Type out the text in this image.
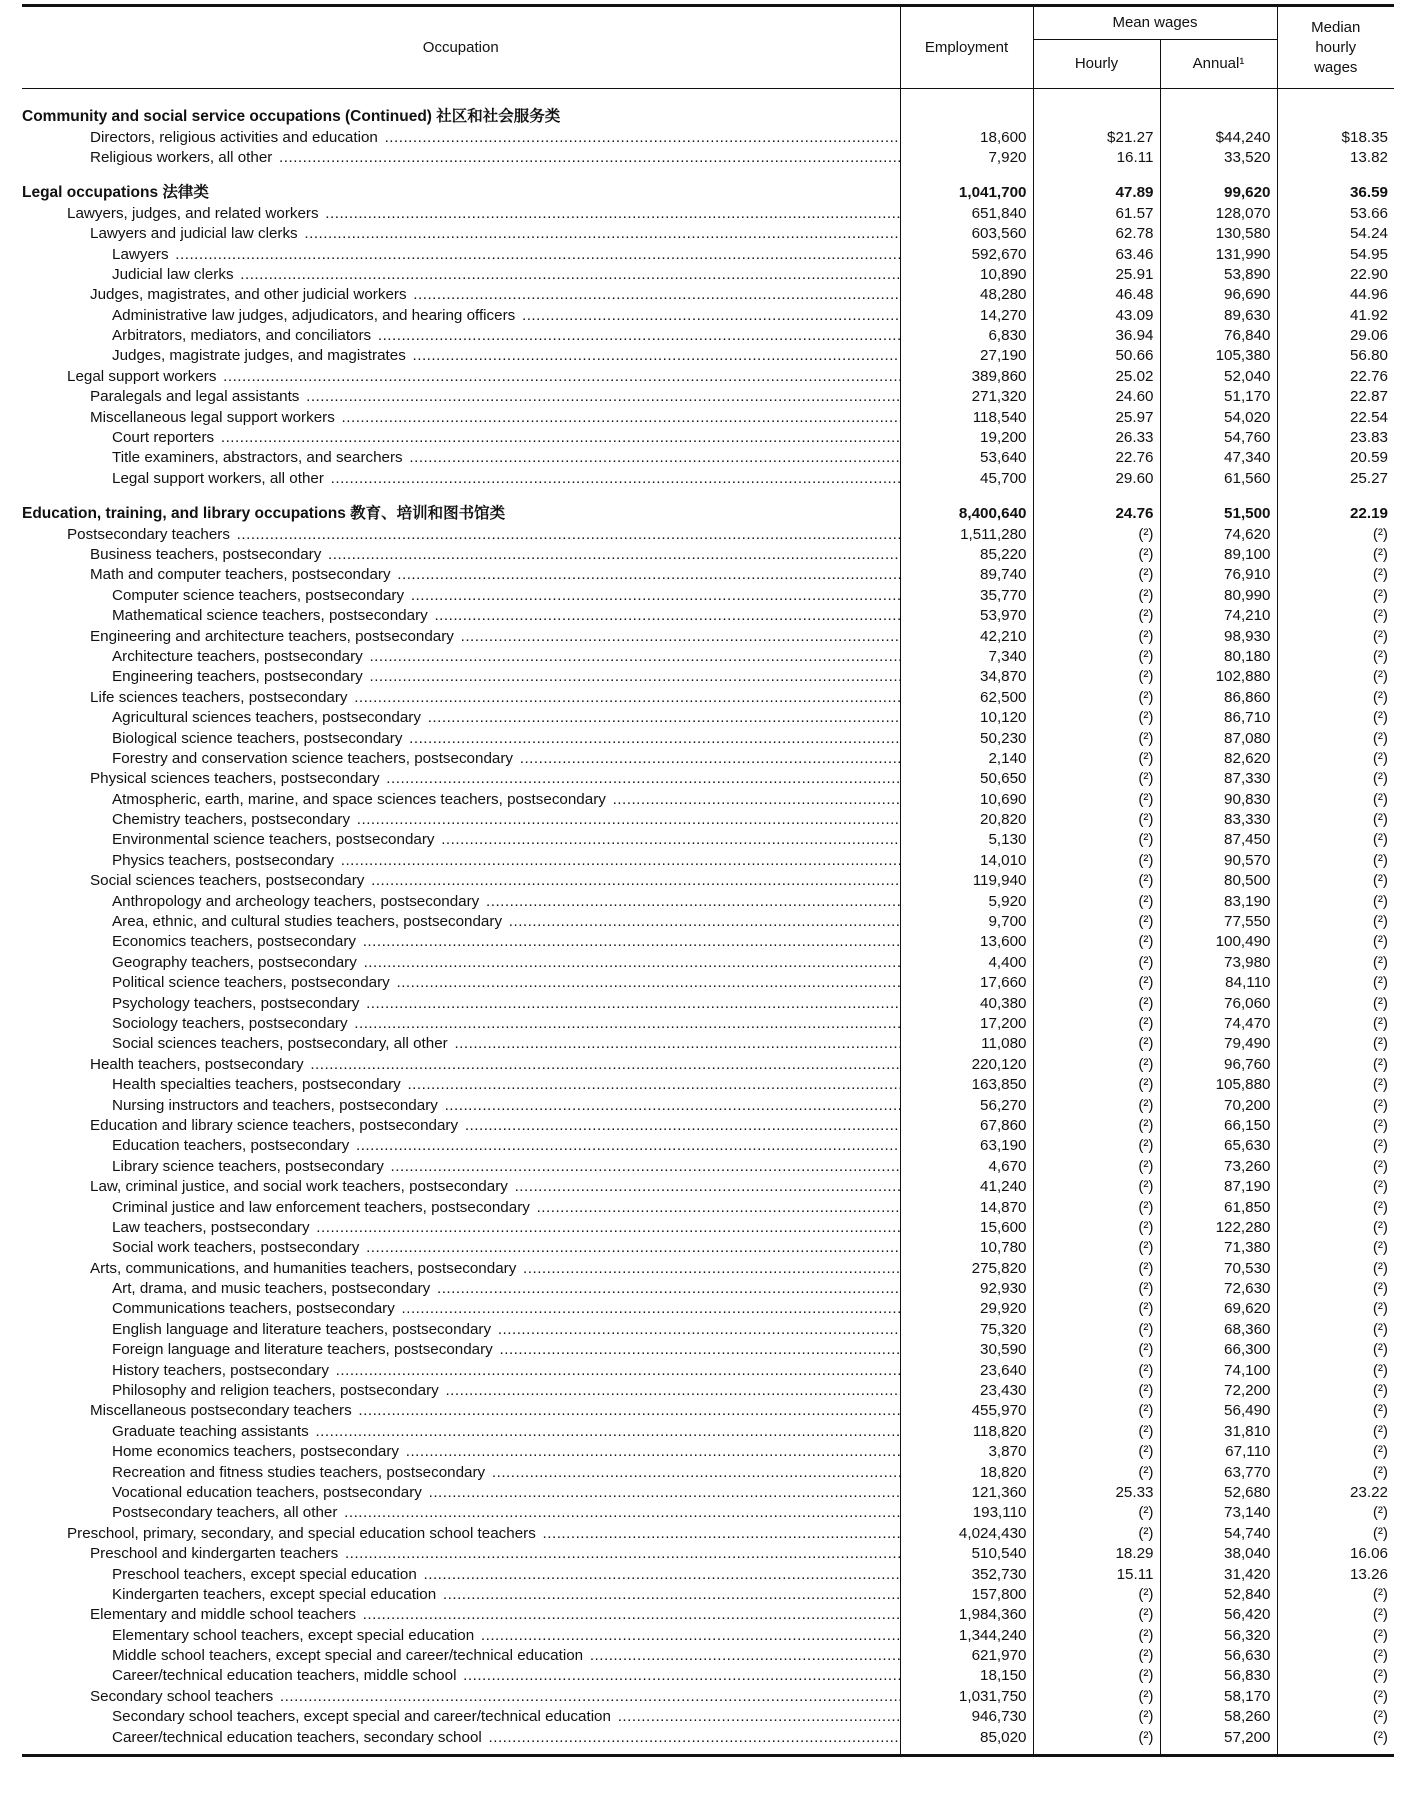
Occupation	Employment	Mean wages		Median
hourly
wages

		Hourly	Annual¹	

Community and social service occupations (Continued) 社区和社会服务类				

Directors, religious activities and education .....	18,600	$21.27	$44,240	$18.35

Religious workers, all other .....	7,920	16.11	33,520	13.82

Legal occupations 法律类	1,041,700	47.89	99,620	36.59

Lawyers, judges, and related workers .....	651,840	61.57	128,070	53.66

Lawyers and judicial law clerks .....	603,560	62.78	130,580	54.24

Lawyers .....	592,670	63.46	131,990	54.95

Judicial law clerks .....	10,890	25.91	53,890	22.90

Judges, magistrates, and other judicial workers .....	48,280	46.48	96,690	44.96

Administrative law judges, adjudicators, and hearing officers .....	14,270	43.09	89,630	41.92

Arbitrators, mediators, and conciliators .....	6,830	36.94	76,840	29.06

Judges, magistrate judges, and magistrates .....	27,190	50.66	105,380	56.80

Legal support workers .....	389,860	25.02	52,040	22.76

Paralegals and legal assistants .....	271,320	24.60	51,170	22.87

Miscellaneous legal support workers .....	118,540	25.97	54,020	22.54

Court reporters .....	19,200	26.33	54,760	23.83

Title examiners, abstractors, and searchers .....	53,640	22.76	47,340	20.59

Legal support workers, all other .....	45,700	29.60	61,560	25.27

Education, training, and library occupations 教育、培训和图书馆类	8,400,640	24.76	51,500	22.19

Postsecondary teachers .....	1,511,280	(²)	74,620	(²)

Business teachers, postsecondary .....	85,220	(²)	89,100	(²)

Math and computer teachers, postsecondary .....	89,740	(²)	76,910	(²)

Computer science teachers, postsecondary .....	35,770	(²)	80,990	(²)

Mathematical science teachers, postsecondary .....	53,970	(²)	74,210	(²)

Engineering and architecture teachers, postsecondary .....	42,210	(²)	98,930	(²)

Architecture teachers, postsecondary .....	7,340	(²)	80,180	(²)

Engineering teachers, postsecondary .....	34,870	(²)	102,880	(²)

Life sciences teachers, postsecondary .....	62,500	(²)	86,860	(²)

Agricultural sciences teachers, postsecondary .....	10,120	(²)	86,710	(²)

Biological science teachers, postsecondary .....	50,230	(²)	87,080	(²)

Forestry and conservation science teachers, postsecondary .....	2,140	(²)	82,620	(²)

Physical sciences teachers, postsecondary .....	50,650	(²)	87,330	(²)

Atmospheric, earth, marine, and space sciences teachers, postsecondary .....	10,690	(²)	90,830	(²)

Chemistry teachers, postsecondary .....	20,820	(²)	83,330	(²)

Environmental science teachers, postsecondary .....	5,130	(²)	87,450	(²)

Physics teachers, postsecondary .....	14,010	(²)	90,570	(²)

Social sciences teachers, postsecondary .....	119,940	(²)	80,500	(²)

Anthropology and archeology teachers, postsecondary .....	5,920	(²)	83,190	(²)

Area, ethnic, and cultural studies teachers, postsecondary .....	9,700	(²)	77,550	(²)

Economics teachers, postsecondary .....	13,600	(²)	100,490	(²)

Geography teachers, postsecondary .....	4,400	(²)	73,980	(²)

Political science teachers, postsecondary .....	17,660	(²)	84,110	(²)

Psychology teachers, postsecondary .....	40,380	(²)	76,060	(²)

Sociology teachers, postsecondary .....	17,200	(²)	74,470	(²)

Social sciences teachers, postsecondary, all other .....	11,080	(²)	79,490	(²)

Health teachers, postsecondary .....	220,120	(²)	96,760	(²)

Health specialties teachers, postsecondary .....	163,850	(²)	105,880	(²)

Nursing instructors and teachers, postsecondary .....	56,270	(²)	70,200	(²)

Education and library science teachers, postsecondary .....	67,860	(²)	66,150	(²)

Education teachers, postsecondary .....	63,190	(²)	65,630	(²)

Library science teachers, postsecondary .....	4,670	(²)	73,260	(²)

Law, criminal justice, and social work teachers, postsecondary .....	41,240	(²)	87,190	(²)

Criminal justice and law enforcement teachers, postsecondary .....	14,870	(²)	61,850	(²)

Law teachers, postsecondary .....	15,600	(²)	122,280	(²)

Social work teachers, postsecondary .....	10,780	(²)	71,380	(²)

Arts, communications, and humanities teachers, postsecondary .....	275,820	(²)	70,530	(²)

Art, drama, and music teachers, postsecondary .....	92,930	(²)	72,630	(²)

Communications teachers, postsecondary .....	29,920	(²)	69,620	(²)

English language and literature teachers, postsecondary .....	75,320	(²)	68,360	(²)

Foreign language and literature teachers, postsecondary .....	30,590	(²)	66,300	(²)

History teachers, postsecondary .....	23,640	(²)	74,100	(²)

Philosophy and religion teachers, postsecondary .....	23,430	(²)	72,200	(²)

Miscellaneous postsecondary teachers .....	455,970	(²)	56,490	(²)

Graduate teaching assistants .....	118,820	(²)	31,810	(²)

Home economics teachers, postsecondary .....	3,870	(²)	67,110	(²)

Recreation and fitness studies teachers, postsecondary .....	18,820	(²)	63,770	(²)

Vocational education teachers, postsecondary .....	121,360	25.33	52,680	23.22

Postsecondary teachers, all other .....	193,110	(²)	73,140	(²)

Preschool, primary, secondary, and special education school teachers .....	4,024,430	(²)	54,740	(²)

Preschool and kindergarten teachers .....	510,540	18.29	38,040	16.06

Preschool teachers, except special education .....	352,730	15.11	31,420	13.26

Kindergarten teachers, except special education .....	157,800	(²)	52,840	(²)

Elementary and middle school teachers .....	1,984,360	(²)	56,420	(²)

Elementary school teachers, except special education .....	1,344,240	(²)	56,320	(²)

Middle school teachers, except special and career/technical education .....	621,970	(²)	56,630	(²)

Career/technical education teachers, middle school .....	18,150	(²)	56,830	(²)

Secondary school teachers .....	1,031,750	(²)	58,170	(²)

Secondary school teachers, except special and career/technical education .....	946,730	(²)	58,260	(²)

Career/technical education teachers, secondary school .....	85,020	(²)	57,200	(²)
